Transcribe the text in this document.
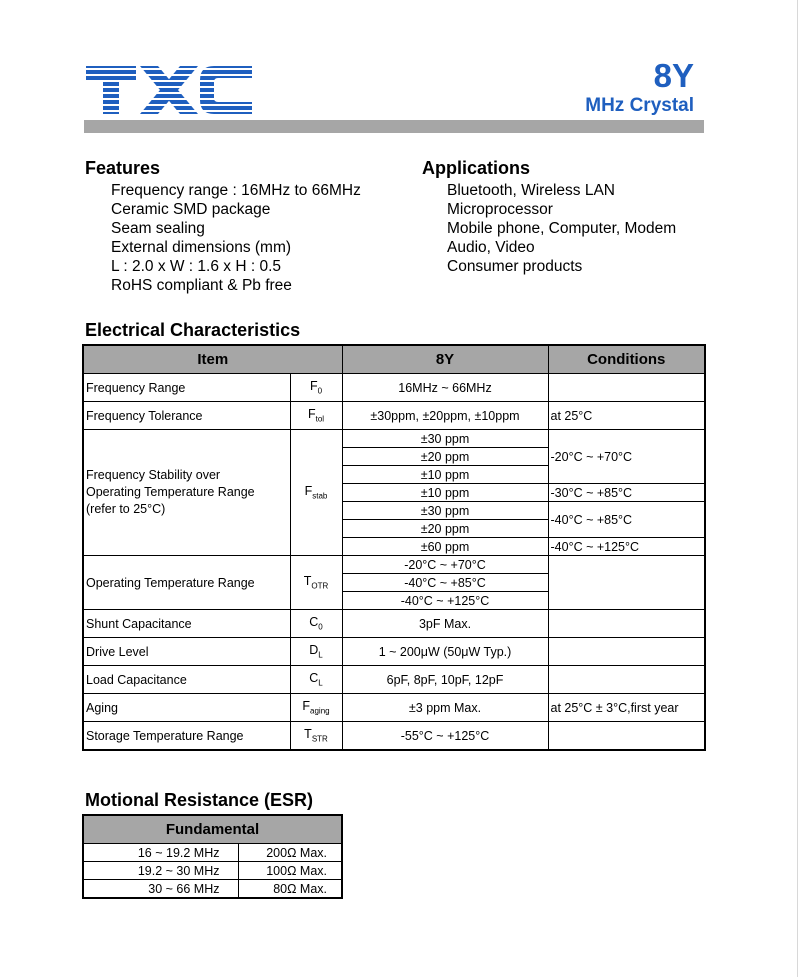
8Y
MHz Crystal
Features
Frequency range : 16MHz to 66MHz
Ceramic SMD package
Seam sealing
External dimensions (mm)
L : 2.0 x W : 1.6 x H : 0.5
RoHS compliant & Pb free
Applications
Bluetooth, Wireless LAN
Microprocessor
Mobile phone, Computer, Modem
Audio, Video
Consumer products
Electrical Characteristics
Item		8Y	Conditions
Frequency Range	$F_0$	16MHz ~ 66MHz	
Frequency Tolerance	$F_{tol}$	±30ppm, ±20ppm, ±10ppm	at 25°C

Frequency Stability over
Operating Temperature Range
(refer to 25°C)	$F_{stab}$	±30 ppm	-20°C ~ +70°C
		±20 ppm	
		±10 ppm	
		±10 ppm	-30°C ~ +85°C
		±30 ppm	-40°C ~ +85°C
		±20 ppm	
		±60 ppm	-40°C ~ +125°C
Operating Temperature Range	$T_{OTR}$	-20°C ~ +70°C	
		-40°C ~ +85°C	
		-40°C ~ +125°C	
Shunt Capacitance	$C_0$	3pF Max.	
Drive Level	$D_L$	1 ~ 200μW (50μW Typ.)	
Load Capacitance	$C_L$	6pF, 8pF, 10pF, 12pF	
Aging	$F_{aging}$	±3 ppm Max.	at 25°C ± 3°C,first year
Storage Temperature Range	$T_{STR}$	-55°C ~ +125°C	
Motional Resistance (ESR)
Fundamental	
16 ~ 19.2 MHz	200Ω Max.
19.2 ~ 30 MHz	100Ω Max.
30 ~ 66 MHz	80Ω Max.
